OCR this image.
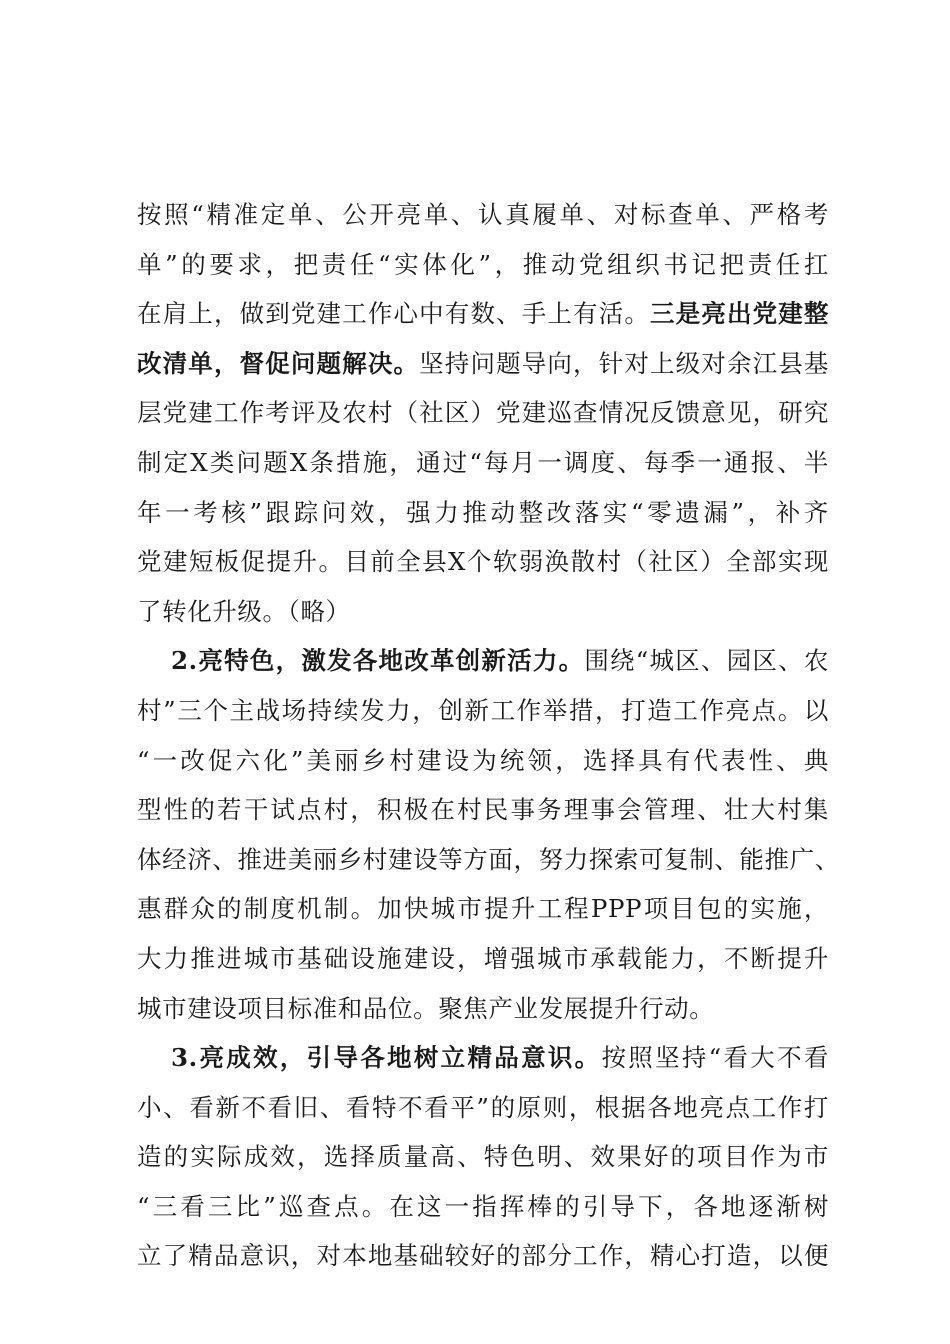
按照“精准定单、公开亮单、认真履单、对标查单、严格考
单”的要求，把责任“实体化”，推动党组织书记把责任扛
在肩上，做到党建工作心中有数、手上有活。三是亮出党建整
改清单，督促问题解决。坚持问题导向，针对上级对余江县基
层党建工作考评及农村（社区）党建巡查情况反馈意见，研究
制定X类问题X条措施，通过“每月一调度、每季一通报、半
年一考核”跟踪问效，强力推动整改落实“零遗漏”，补齐
党建短板促提升。目前全县X个软弱涣散村（社区）全部实现
了转化升级。（略）
2.亮特色，激发各地改革创新活力。围绕“城区、园区、农
村”三个主战场持续发力，创新工作举措，打造工作亮点。以
“一改促六化”美丽乡村建设为统领，选择具有代表性、典
型性的若干试点村，积极在村民事务理事会管理、壮大村集
体经济、推进美丽乡村建设等方面，努力探索可复制、能推广、
惠群众的制度机制。加快城市提升工程PPP项目包的实施，
大力推进城市基础设施建设，增强城市承载能力，不断提升
城市建设项目标准和品位。聚焦产业发展提升行动。
3.亮成效，引导各地树立精品意识。按照坚持“看大不看
小、看新不看旧、看特不看平”的原则，根据各地亮点工作打
造的实际成效，选择质量高、特色明、效果好的项目作为市
“三看三比”巡查点。在这一指挥棒的引导下，各地逐渐树
立了精品意识，对本地基础较好的部分工作，精心打造，以便
